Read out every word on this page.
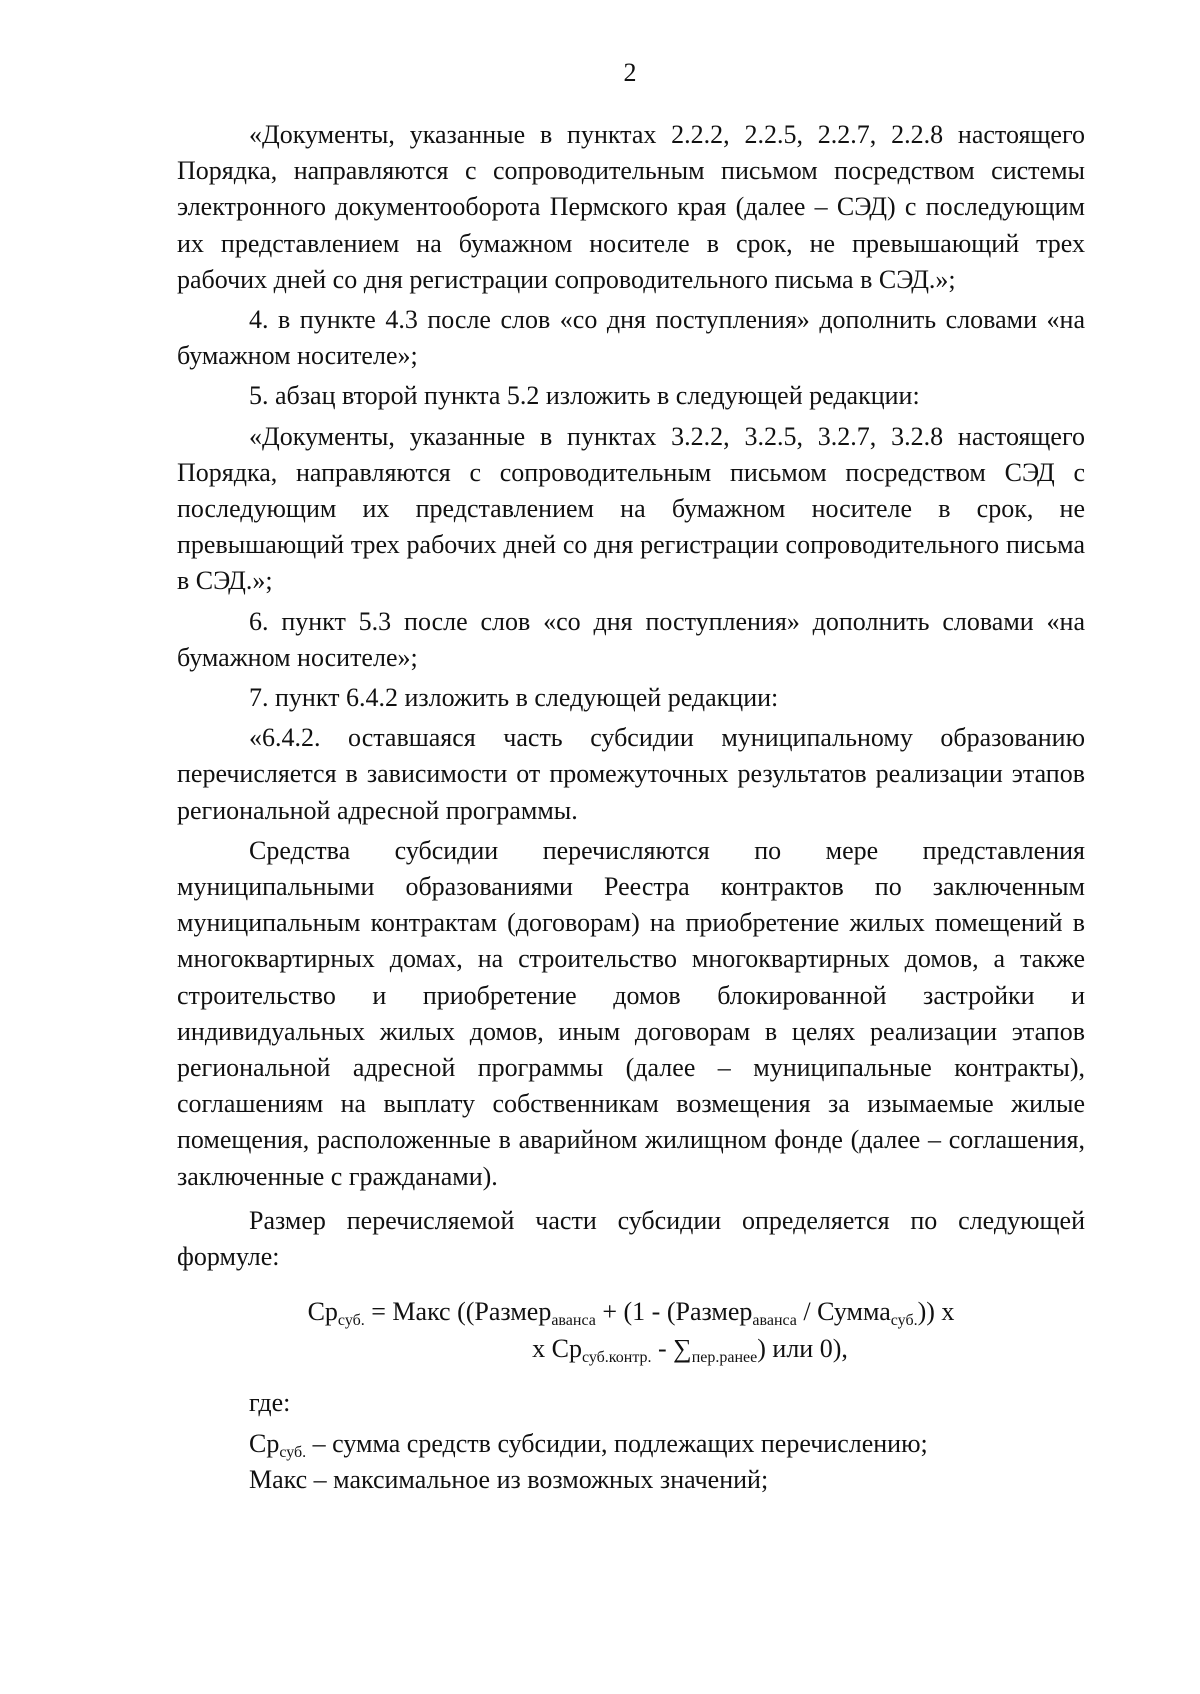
2

«Документы, указанные в пунктах 2.2.2, 2.2.5, 2.2.7, 2.2.8 настоящего Порядка, направляются с сопроводительным письмом посредством системы электронного документооборота Пермского края (далее – СЭД) с последующим их представлением на бумажном носителе в срок, не превышающий трех рабочих дней со дня регистрации сопроводительного письма в СЭД.»;

4. в пункте 4.3 после слов «со дня поступления» дополнить словами «на бумажном носителе»;

5. абзац второй пункта 5.2 изложить в следующей редакции:

«Документы, указанные в пунктах 3.2.2, 3.2.5, 3.2.7, 3.2.8 настоящего Порядка, направляются с сопроводительным письмом посредством СЭД с последующим их представлением на бумажном носителе в срок, не превышающий трех рабочих дней со дня регистрации сопроводительного письма в СЭД.»;

6. пункт 5.3 после слов «со дня поступления» дополнить словами «на бумажном носителе»;

7. пункт 6.4.2 изложить в следующей редакции:

«6.4.2. оставшаяся часть субсидии муниципальному образованию перечисляется в зависимости от промежуточных результатов реализации этапов региональной адресной программы.

Средства субсидии перечисляются по мере представления муниципальными образованиями Реестра контрактов по заключенным муниципальным контрактам (договорам) на приобретение жилых помещений в многоквартирных домах, на строительство многоквартирных домов, а также строительство и приобретение домов блокированной застройки и индивидуальных жилых домов, иным договорам в целях реализации этапов региональной адресной программы (далее – муниципальные контракты), соглашениям на выплату собственникам возмещения за изымаемые жилые помещения, расположенные в аварийном жилищном фонде (далее – соглашения, заключенные с гражданами).

Размер перечисляемой части субсидии определяется по следующей формуле:

$Ср_{суб.}$ = Макс ((Размер$_{аванса}$ + (1 - (Размер$_{аванса}$ / Сумма$_{суб.}$)) х
х $Ср_{суб.контр.} - \sum_{пер.ранее}$) или 0),

где:

$Ср_{суб.}$ – сумма средств субсидии, подлежащих перечислению;

Макс – максимальное из возможных значений;
